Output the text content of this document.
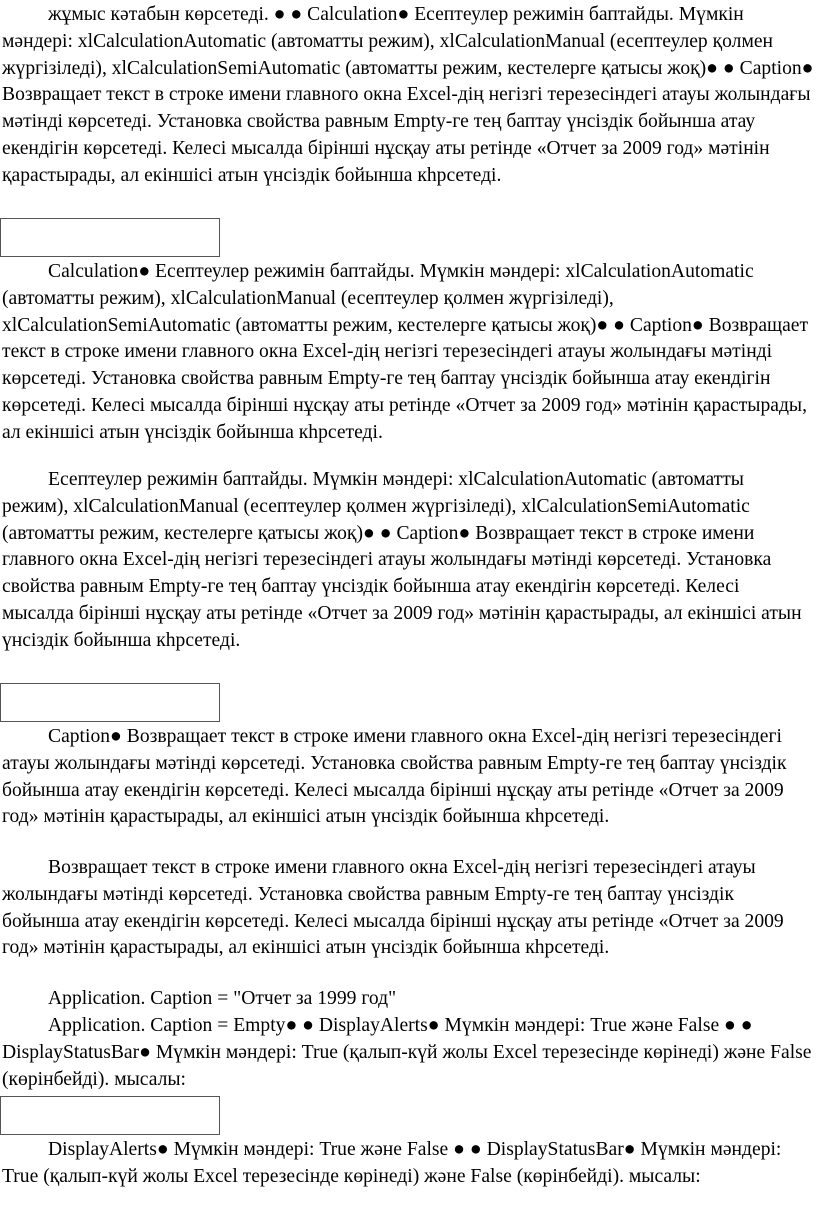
жұмыс кәтабын көрсетеді. ● ● Calculation● Есептеулер режимін баптайды. Мүмкін мәндері: xlCalculationAutomatic (автоматты режим), xlCalculationManual (есептеулер қолмен жүргізіледі), xlCalculationSemiAutomatic (автоматты режим, кестелерге қатысы жоқ)● ● Caption● Возвращает текст в строке имени главного окна Excel-дің негізгі терезесіндегі атауы жолындағы мәтінді көрсетеді. Установка свойства равным Empty-ге тең баптау үнсіздік бойынша атау екендігін көрсетеді. Келесі мысалда бірінші нұсқау аты ретінде «Отчет за 2009 год» мәтінін қарастырады, ал екіншісі атын үнсіздік бойынша кһрсетеді.

Calculation● Есептеулер режимін баптайды. Мүмкін мәндері: xlCalculationAutomatic (автоматты режим), xlCalculationManual (есептеулер қолмен жүргізіледі), xlCalculationSemiAutomatic (автоматты режим, кестелерге қатысы жоқ)● ● Caption● Возвращает текст в строке имени главного окна Excel-дің негізгі терезесіндегі атауы жолындағы мәтінді көрсетеді. Установка свойства равным Empty-ге тең баптау үнсіздік бойынша атау екендігін көрсетеді. Келесі мысалда бірінші нұсқау аты ретінде «Отчет за 2009 год» мәтінін қарастырады, ал екіншісі атын үнсіздік бойынша кһрсетеді.

Есептеулер режимін баптайды. Мүмкін мәндері: xlCalculationAutomatic (автоматты режим), xlCalculationManual (есептеулер қолмен жүргізіледі), xlCalculationSemiAutomatic (автоматты режим, кестелерге қатысы жоқ)● ● Caption● Возвращает текст в строке имени главного окна Excel-дің негізгі терезесіндегі атауы жолындағы мәтінді көрсетеді. Установка свойства равным Empty-ге тең баптау үнсіздік бойынша атау екендігін көрсетеді. Келесі мысалда бірінші нұсқау аты ретінде «Отчет за 2009 год» мәтінін қарастырады, ал екіншісі атын үнсіздік бойынша кһрсетеді.

Caption● Возвращает текст в строке имени главного окна Excel-дің негізгі терезесіндегі атауы жолындағы мәтінді көрсетеді. Установка свойства равным Empty-ге тең баптау үнсіздік бойынша атау екендігін көрсетеді. Келесі мысалда бірінші нұсқау аты ретінде «Отчет за 2009 год» мәтінін қарастырады, ал екіншісі атын үнсіздік бойынша кһрсетеді.

Возвращает текст в строке имени главного окна Excel-дің негізгі терезесіндегі атауы жолындағы мәтінді көрсетеді. Установка свойства равным Empty-ге тең баптау үнсіздік бойынша атау екендігін көрсетеді. Келесі мысалда бірінші нұсқау аты ретінде «Отчет за 2009 год» мәтінін қарастырады, ал екіншісі атын үнсіздік бойынша кһрсетеді.

Application. Caption = "Отчет за 1999 год"

Application. Caption = Empty● ● DisplayAlerts● Мүмкін мәндері: True және False ● ● DisplayStatusBar● Мүмкін мәндері: True (қалып-күй жолы Excel терезесінде көрінеді) және False (көрінбейді). мысалы:

DisplayAlerts● Мүмкін мәндері: True және False ● ● DisplayStatusBar● Мүмкін мәндері: True (қалып-күй жолы Excel терезесінде көрінеді) және False (көрінбейді). мысалы:
